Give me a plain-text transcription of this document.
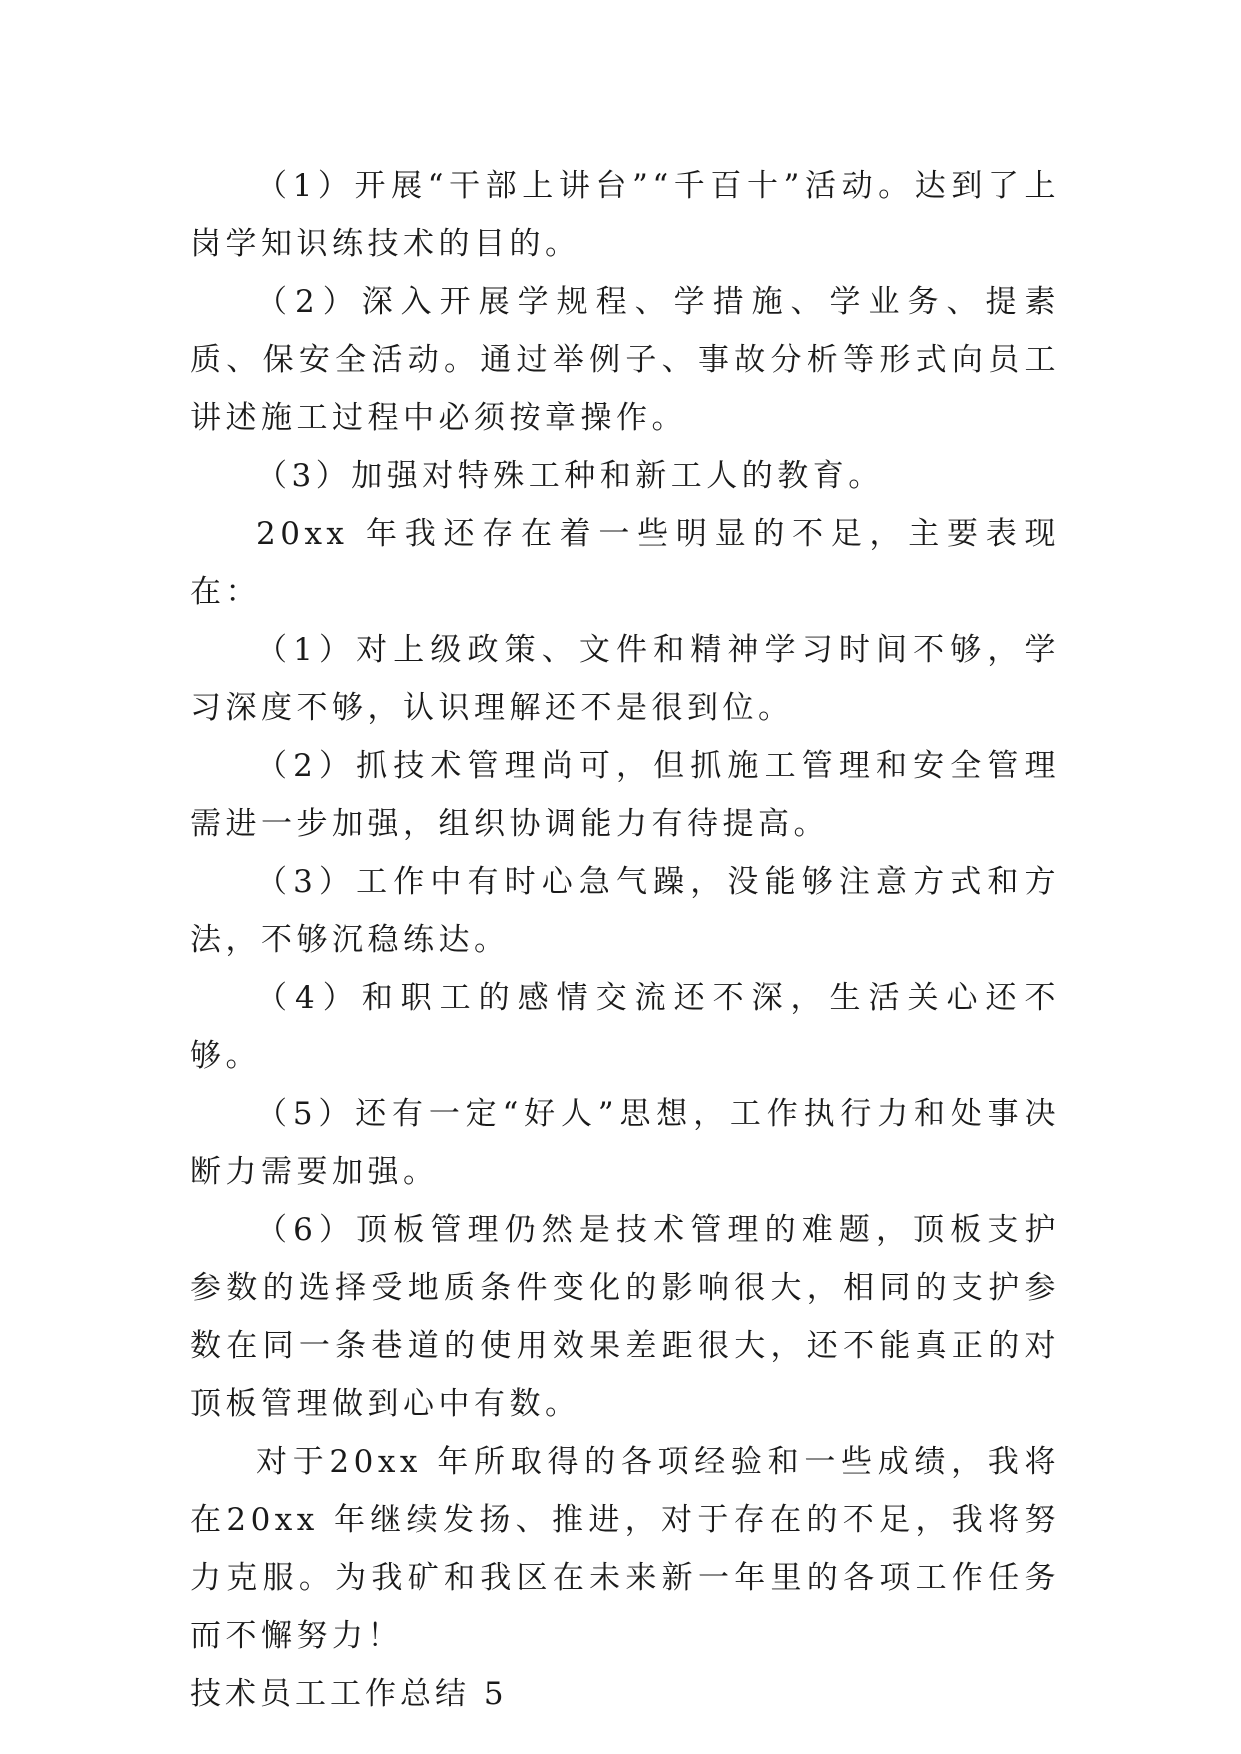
（1）开展“干部上讲台”“千百十”活动。达到了上岗学知识练技术的目的。

（2）深入开展学规程、学措施、学业务、提素质、保安全活动。通过举例子、事故分析等形式向员工讲述施工过程中必须按章操作。

（3）加强对特殊工种和新工人的教育。

20xx 年我还存在着一些明显的不足，主要表现在：

（1）对上级政策、文件和精神学习时间不够，学习深度不够，认识理解还不是很到位。

（2）抓技术管理尚可，但抓施工管理和安全管理需进一步加强，组织协调能力有待提高。

（3）工作中有时心急气躁，没能够注意方式和方法，不够沉稳练达。

（4）和职工的感情交流还不深，生活关心还不够。

（5）还有一定“好人”思想，工作执行力和处事决断力需要加强。

（6）顶板管理仍然是技术管理的难题，顶板支护参数的选择受地质条件变化的影响很大，相同的支护参数在同一条巷道的使用效果差距很大，还不能真正的对顶板管理做到心中有数。

对于20xx 年所取得的各项经验和一些成绩，我将在20xx 年继续发扬、推进，对于存在的不足，我将努力克服。为我矿和我区在未来新一年里的各项工作任务而不懈努力！

技术员工工作总结 5
